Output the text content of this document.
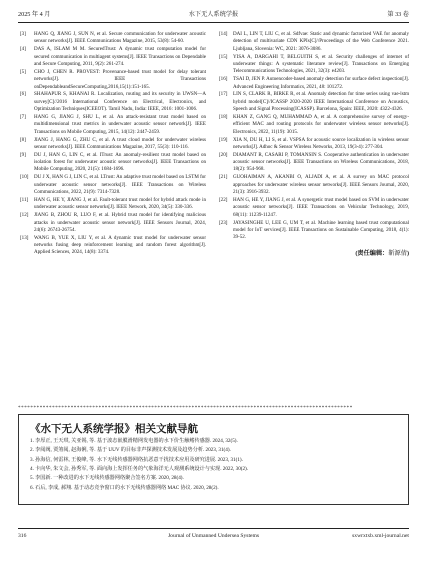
2025 年 4 月	水下无人系统学报	第 33 卷
[3] HANG Q, JIANG J, SUN N, et al. Secure communication for underwater acoustic sensor networks[J]. IEEE Communications Magazine, 2015, 53(8): 54-60.
[4] DAS A, ISLAM M M. SecuredTrust: A dynamic trust computation model for secured communication in multiagent systems[J]. IEEE Transactions on Dependable and Secure Computing, 2011, 9(2): 261-274.
[5] CHO J, CHEN R. PROVEST: Provenance-based trust model for delay tolerant networks[J]. IEEE Transactions onDependableandSecureComputing,2016,15(1):151-165.
[6] SHAHAPUR S, KHANAI R. Localization, routing and its security in UWSN—A survey[C]//2016 International Conference on Electrical, Electronics, and Optimization Techniques(ICEEOT). Tamil Nadu, India: IEEE, 2016: 1001-1006.
[7] HANG G, JIANG J, SHU L, et al. An attack-resistant trust model based on multidimensional trust metrics in underwater acoustic sensor network[J]. IEEE Transactions on Mobile Computing, 2015, 14(12): 2447-2459.
[8] JIANG J, HANG G, ZHU C, et al. A trust cloud model for underwater wireless sensor networks[J]. IEEE Communications Magazine, 2017, 55(3): 110-116.
[9] DU J, HAN G, LIN C, et al. ITrust: An anomaly-resilient trust model based on isolation forest for underwater acoustic sensor networks[J]. IEEE Transactions on Mobile Computing, 2020, 21(5): 1684-1696.
[10] DU J X, HAN G J, LIN C, et al. LTrust: An adaptive trust model based on LSTM for underwater acoustic sensor networks[J]. IEEE Transactions on Wireless Communications, 2022, 21(9): 7314-7328.
[11] HAN G, HE Y, JIANG J, et al. Fault-tolerant trust model for hybrid attack mode in underwater acoustic sensor networks[J]. IEEE Network, 2020, 34(5): 330-336.
[12] JIANG B, ZHOU R, LUO F, et al. Hybrid trust model for identifying malicious attacks in underwater acoustic sensor network[J]. IEEE Sensors Journal, 2024, 24(6): 26743-26754.
[13] WANG B, YUE X, LIU Y, et al. A dynamic trust model for underwater sensor networks fusing deep reinforcement learning and random forest algorithm[J]. Applied Sciences, 2024, 14(8): 3374.
[14] DAI L, LIN T, LIU C, et al. Sdfvae: Static and dynamic factorized VAE for anomaly detection of multivariate CDN KPIs[C]//Proceedings of the Web Conference 2021. Ljubljana, Slovenia: WC, 2021: 3076-3086.
[15] YISA A, DARGAHI T, BELGUITH S, et al. Security challenges of internet of underwater things: A systematic literature review[J]. Transactions on Emerging Telecommunications Technologies, 2021, 32(3): e4203.
[16] TSAI D, JEN P. Autoencoder-based anomaly detection for surface defect inspection[J]. Advanced Engineering Informatics, 2021, 48: 101272.
[17] LIN S, CLARK R, BIRKE R, et al. Anomaly detection for time series using vae-lstm hybrid model[C]//ICASSP 2020-2020 IEEE International Conference on Acoustics, Speech and Signal Processing(ICASSP). Barcelona, Spain: IEEE, 2020: 4322-4326.
[18] KHAN Z, GANG Q, MUHAMMAD A, et al. A comprehensive survey of energy-efficient MAC and routing protocols for underwater wireless sensor networks[J]. Electronics, 2022, 11(19): 3015.
[19] XIA N, DU H, LI S, et al. VSPSA for acoustic source localization in wireless sensor networks[J]. Adhoc & Sensor Wireless Networks, 2013, 19(3-4): 277-304.
[20] DIAMANT R, CASARI P, TOMANSIN S. Cooperative authentication in underwater acoustic sensor networks[J]. IEEE Transactions on Wireless Communications, 2018, 18(2): 954-968.
[21] GUOHAIMAN A, AKANBI O, ALJADI A, et al. A survey on MAC protocol approaches for underwater wireless sensor networks[J]. IEEE Sensors Journal, 2020, 21(3): 3916-3932.
[22] HAN G, HE Y, JIANG J, et al. A synergetic trust model based on SVM in underwater acoustic sensor networks[J]. IEEE Transactions on Vehicular Technology, 2019, 68(11): 11239-11247.
[23] JAYASINGHE U, LEE G, UM T, et al. Machine learning based trust computational model for IoT services[J]. IEEE Transactions on Sustainable Computing, 2018, 4(1): 39-52.
(责任编辑：靳源倩)
************************************************************************************************************
《水下无人系统学报》相关文献导航
1. 李厚正, 王天琪, 关亚锡, 等. 基于波态嵌膜滑精网发电器的水下价生触鳍传感器. 2024, 32(5).
2. 李阅阀, 贾煞阅, 赵海俐, 等. 基于 UUV 的目标非声探测技术发展及趋势分析. 2023, 31(4).
3. 孙海信, 何雷林, 王俊峰, 等. 水下无线传感器网络抗恶意干扰技术应用及研究进展. 2023, 31(1).
4. 卡向华, 朱文会, 孙秀军, 等. 面向海上发挥任务的气象海洋无人观测系统设计与实现. 2022, 30(2).
5. 李国新. 一种改进的水下无线传感器网络聚合签名方案. 2020, 28(4).
6. 石后, 李成, 郝翔. 基于动态竞争窗口的水下无线传感器网络 MAC 协议. 2020, 28(2).
316	Journal of Unmanned Undersea Systems	sxwrxtxb.xml-journal.net
